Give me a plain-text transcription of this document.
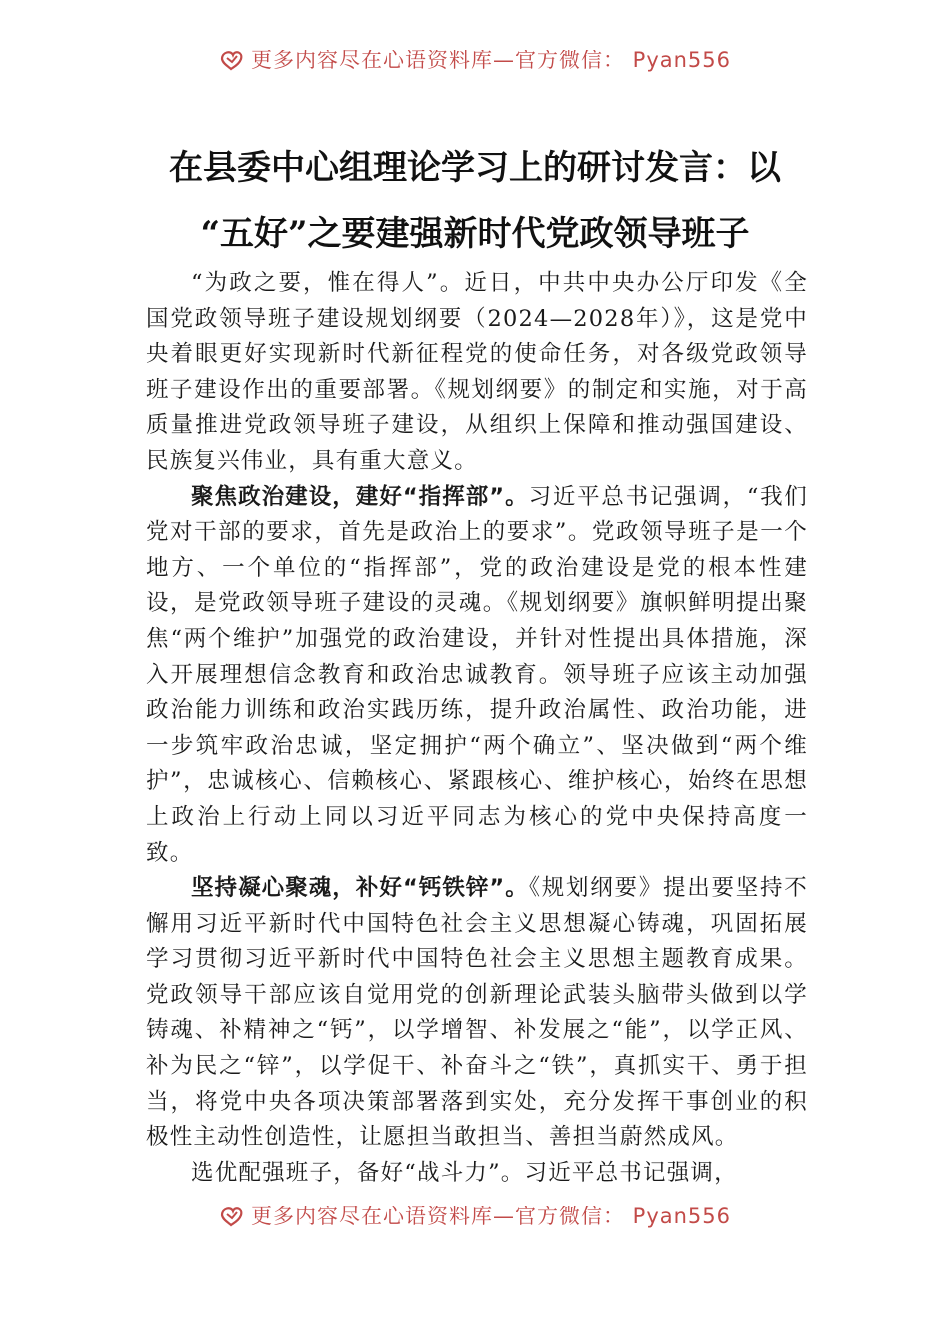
更多内容尽在心语资料库—官方微信： Pyan556
在县委中心组理论学习上的研讨发言：以
“五好”之要建强新时代党政领导班子

“为政之要，惟在得人”。近日，中共中央办公厅印发《全国党政领导班子建设规划纲要（2024—2028年）》，这是党中央着眼更好实现新时代新征程党的使命任务，对各级党政领导班子建设作出的重要部署。《规划纲要》的制定和实施，对于高质量推进党政领导班子建设，从组织上保障和推动强国建设、民族复兴伟业，具有重大意义。

聚焦政治建设，建好“指挥部”。习近平总书记强调，“我们党对干部的要求，首先是政治上的要求”。党政领导班子是一个地方、一个单位的“指挥部”，党的政治建设是党的根本性建设，是党政领导班子建设的灵魂。《规划纲要》旗帜鲜明提出聚焦“两个维护”加强党的政治建设，并针对性提出具体措施，深入开展理想信念教育和政治忠诚教育。领导班子应该主动加强政治能力训练和政治实践历练，提升政治属性、政治功能，进一步筑牢政治忠诚，坚定拥护“两个确立”、坚决做到“两个维护”，忠诚核心、信赖核心、紧跟核心、维护核心，始终在思想上政治上行动上同以习近平同志为核心的党中央保持高度一致。

坚持凝心聚魂，补好“钙铁锌”。《规划纲要》提出要坚持不懈用习近平新时代中国特色社会主义思想凝心铸魂，巩固拓展学习贯彻习近平新时代中国特色社会主义思想主题教育成果。党政领导干部应该自觉用党的创新理论武装头脑带头做到以学铸魂、补精神之“钙”，以学增智、补发展之“能”，以学正风、补为民之“锌”，以学促干、补奋斗之“铁”，真抓实干、勇于担当，将党中央各项决策部署落到实处，充分发挥干事创业的积极性主动性创造性，让愿担当敢担当、善担当蔚然成风。

选优配强班子，备好“战斗力”。习近平总书记强调，

更多内容尽在心语资料库—官方微信： Pyan556
